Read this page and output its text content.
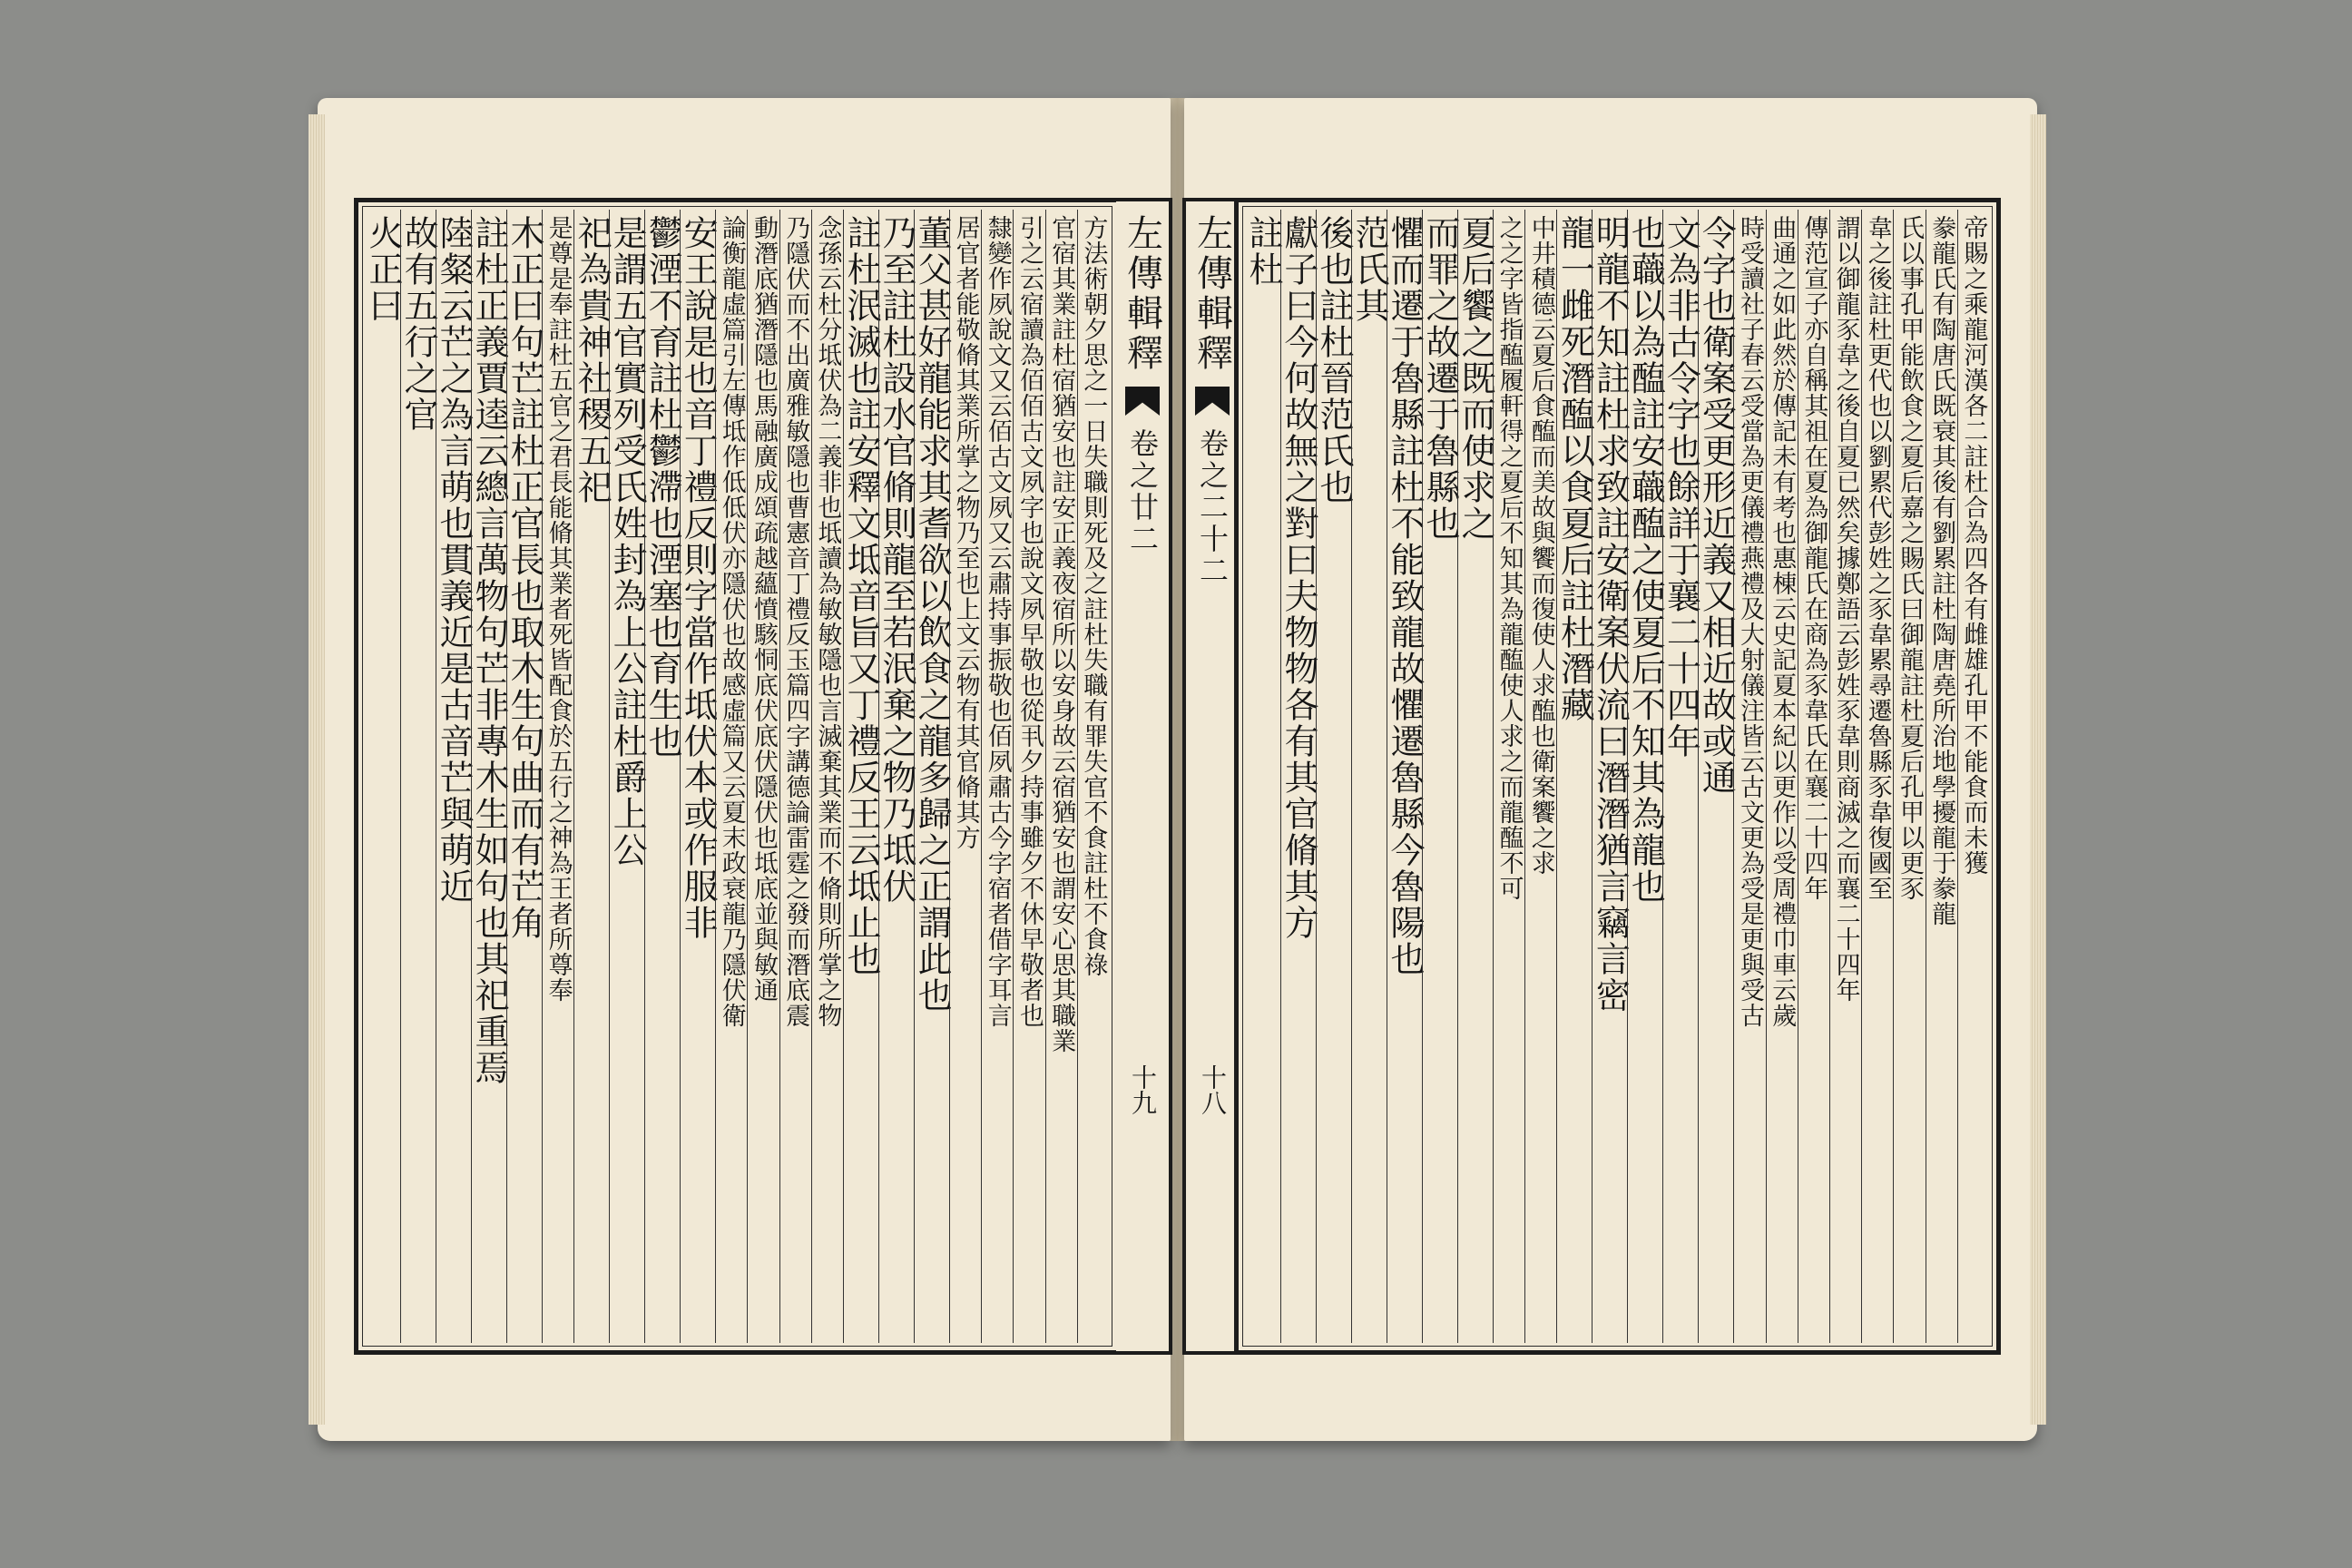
方法術朝夕思之一日失職則死及之註杜失職有罪失官不食註杜不食祿
官宿其業註杜宿猶安也註安正義夜宿所以安身故云宿猶安也謂安心思其職業
引之云宿讀為佰佰古文夙字也說文夙早敬也從丮夕持事雖夕不休早敬者也
隸變作夙說文又云佰古文夙又云肅持事振敬也佰夙肅古今字宿者借字耳言
居官者能敬脩其業所掌之物乃至也上文云物有其官脩其方
董父甚好龍能求其耆欲以飲食之龍多歸之正謂此也
乃至註杜設水官脩則龍至若泯棄之物乃坻伏
註杜泯滅也註安釋文坻音旨又丁禮反王云坻止也
念孫云杜分坻伏為二義非也坻讀為敏敏隱也言滅棄其業而不脩則所掌之物
乃隱伏而不出廣雅敏隱也曹憲音丁禮反玉篇四字講德論雷霆之發而潛底震
動潛底猶潛隱也馬融廣成頌疏越蘊憤駭恫底伏底伏隱伏也坻底並與敏通
論衡龍虛篇引左傳坻作低低伏亦隱伏也故感虛篇又云夏末政衰龍乃隱伏衛
安王說是也音丁禮反則字當作坻伏本或作服非
鬱湮不育註杜鬱滯也湮塞也育生也
是謂五官實列受氏姓封為上公註杜爵上公
祀為貴神社稷五祀
是尊是奉註杜五官之君長能脩其業者死皆配食於五行之神為王者所尊奉
木正曰句芒註杜正官長也取木生句曲而有芒角
註杜正義賈逵云總言萬物句芒非專木生如句也其祀重焉
陸粲云芒之為言萌也貫義近是古音芒與萌近
故有五行之官
火正曰	左傳輯釋
卷之廿二
十九
左傳輯釋
卷之二十二
十八
帝賜之乘龍河漢各二註杜合為四各有雌雄孔甲不能食而未獲
豢龍氏有陶唐氏既衰其後有劉累註杜陶唐堯所治地學擾龍于豢龍
氏以事孔甲能飲食之夏后嘉之賜氏曰御龍註杜夏后孔甲以更豕
韋之後註杜更代也以劉累代彭姓之豕韋累尋遷魯縣豕韋復國至
謂以御龍豕韋之後自夏已然矣據鄭語云彭姓豕韋則商滅之而襄二十四年
傳范宣子亦自稱其祖在夏為御龍氏在商為豕韋氏在襄二十四年
曲通之如此然於傳記未有考也惠棟云史記夏本紀以更作以受周禮巾車云歲
時受讀社子春云受當為更儀禮燕禮及大射儀注皆云古文更為受是更與受古
令字也衛案受更形近義又相近故或通
文為非古令字也餘詳于襄二十四年
也蘵以為醢註安蘵醢之使夏后不知其為龍也
明龍不知註杜求致註安衛案伏流曰潛潛猶言竊言密
龍一雌死潛醢以食夏后註杜潛藏
中井積德云夏后食醢而美故與饗而復使人求醢也衛案饗之求
之之字皆指醢履軒得之夏后不知其為龍醢使人求之而龍醢不可
夏后饗之既而使求之
而罪之故遷于魯縣也
懼而遷于魯縣註杜不能致龍故懼遷魯縣今魯陽也
范氏其
後也註杜晉范氏也
獻子曰今何故無之對曰夫物物各有其官脩其方
註杜
